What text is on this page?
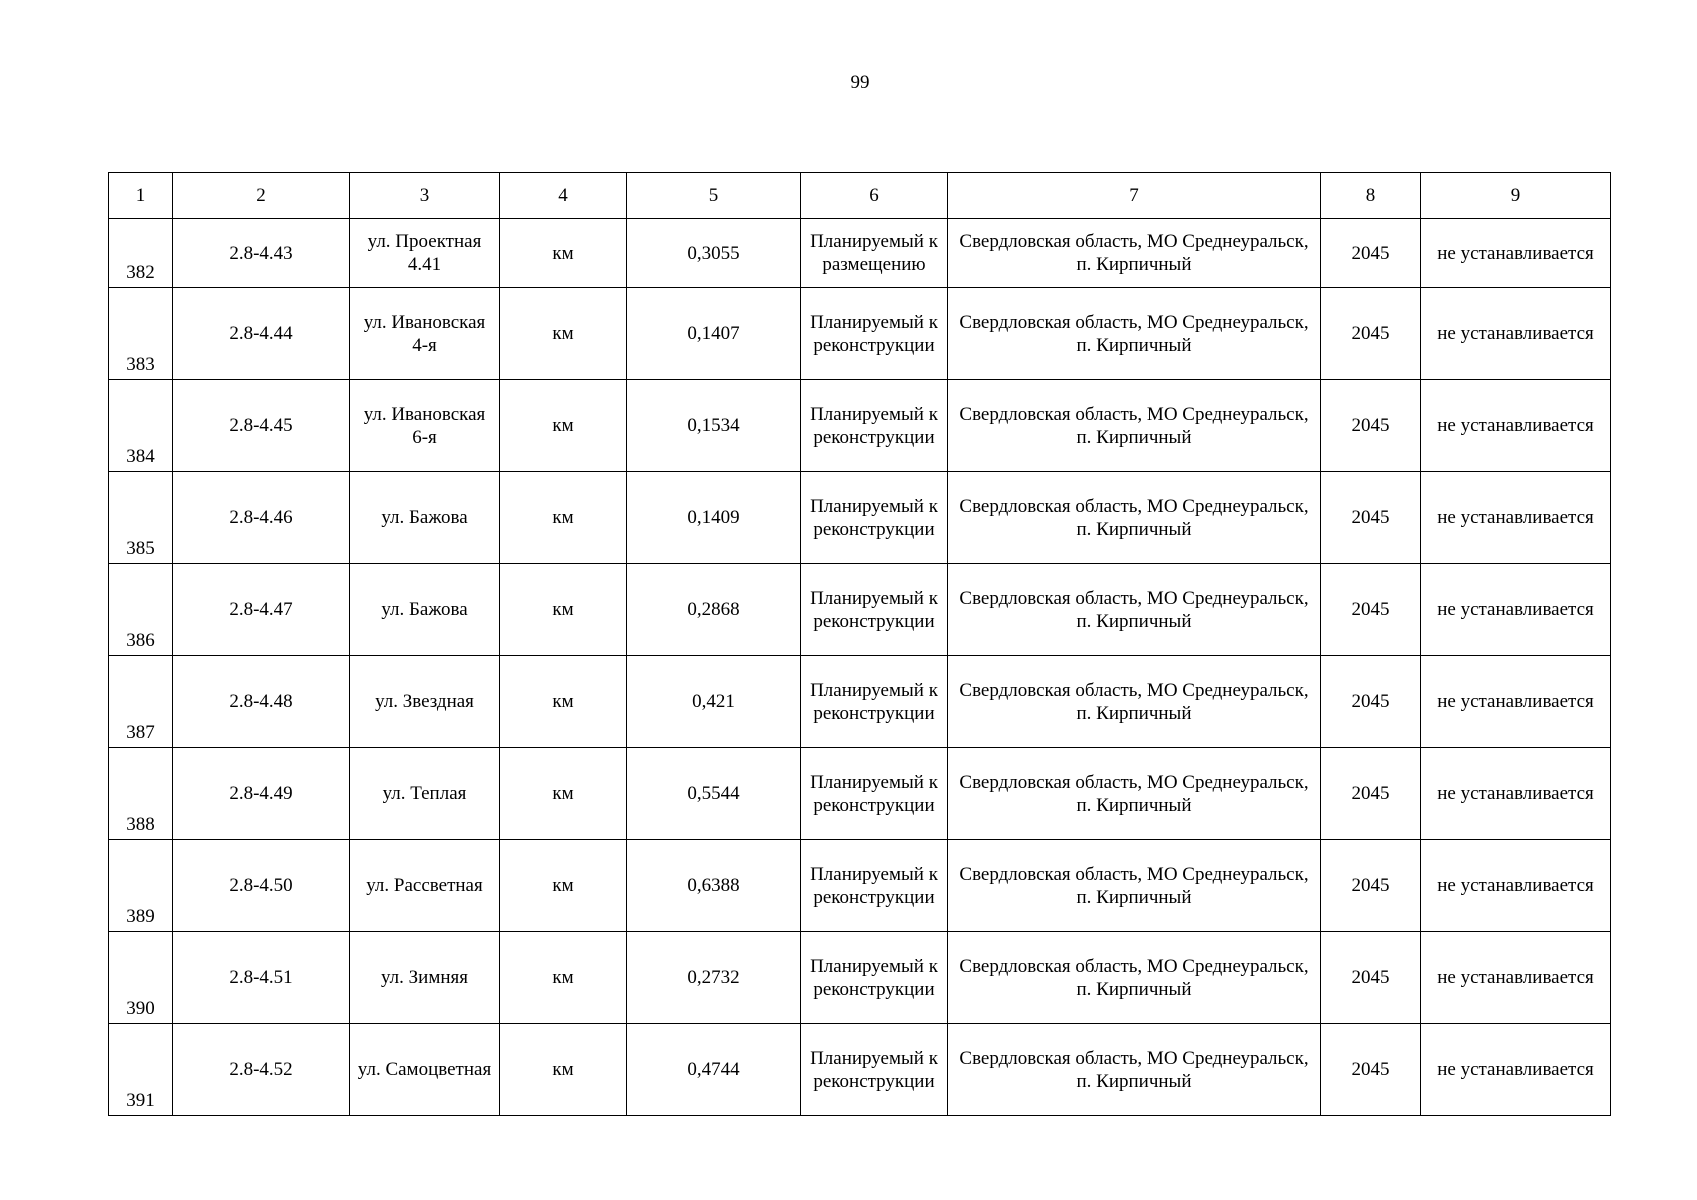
99
1	2	3	4	5	6	7	8	9
382	2.8-4.43	ул. Проектная 4.41	км	0,3055	Планируемый к размещению	Свердловская область, МО Среднеуральск, п. Кирпичный	2045	не устанавливается
383	2.8-4.44	ул. Ивановская 4-я	км	0,1407	Планируемый к реконструкции	Свердловская область, МО Среднеуральск, п. Кирпичный	2045	не устанавливается
384	2.8-4.45	ул. Ивановская 6-я	км	0,1534	Планируемый к реконструкции	Свердловская область, МО Среднеуральск, п. Кирпичный	2045	не устанавливается
385	2.8-4.46	ул. Бажова	км	0,1409	Планируемый к реконструкции	Свердловская область, МО Среднеуральск, п. Кирпичный	2045	не устанавливается
386	2.8-4.47	ул. Бажова	км	0,2868	Планируемый к реконструкции	Свердловская область, МО Среднеуральск, п. Кирпичный	2045	не устанавливается
387	2.8-4.48	ул. Звездная	км	0,421	Планируемый к реконструкции	Свердловская область, МО Среднеуральск, п. Кирпичный	2045	не устанавливается
388	2.8-4.49	ул. Теплая	км	0,5544	Планируемый к реконструкции	Свердловская область, МО Среднеуральск, п. Кирпичный	2045	не устанавливается
389	2.8-4.50	ул. Рассветная	км	0,6388	Планируемый к реконструкции	Свердловская область, МО Среднеуральск, п. Кирпичный	2045	не устанавливается
390	2.8-4.51	ул. Зимняя	км	0,2732	Планируемый к реконструкции	Свердловская область, МО Среднеуральск, п. Кирпичный	2045	не устанавливается
391	2.8-4.52	ул. Самоцветная	км	0,4744	Планируемый к реконструкции	Свердловская область, МО Среднеуральск, п. Кирпичный	2045	не устанавливается
